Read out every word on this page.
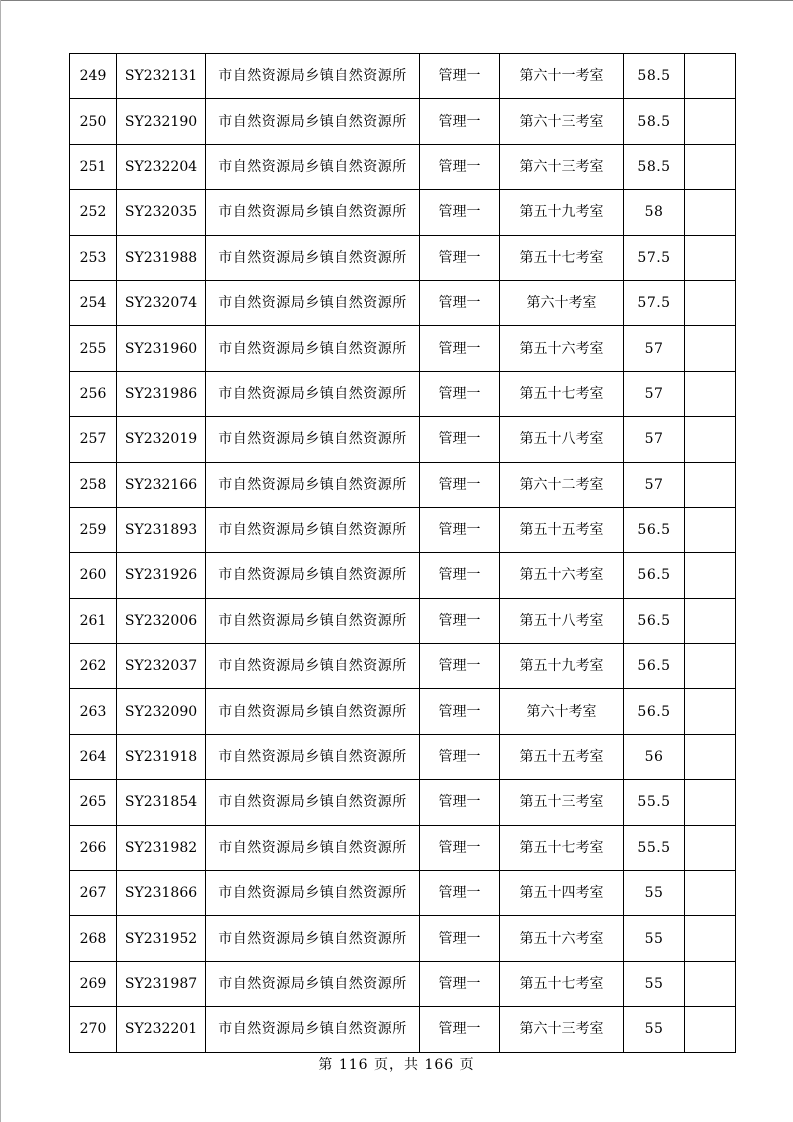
249	SY232131	市自然资源局乡镇自然资源所	管理一	第六十一考室	58.5	
250	SY232190	市自然资源局乡镇自然资源所	管理一	第六十三考室	58.5	
251	SY232204	市自然资源局乡镇自然资源所	管理一	第六十三考室	58.5	
252	SY232035	市自然资源局乡镇自然资源所	管理一	第五十九考室	58	
253	SY231988	市自然资源局乡镇自然资源所	管理一	第五十七考室	57.5	
254	SY232074	市自然资源局乡镇自然资源所	管理一	第六十考室	57.5	
255	SY231960	市自然资源局乡镇自然资源所	管理一	第五十六考室	57	
256	SY231986	市自然资源局乡镇自然资源所	管理一	第五十七考室	57	
257	SY232019	市自然资源局乡镇自然资源所	管理一	第五十八考室	57	
258	SY232166	市自然资源局乡镇自然资源所	管理一	第六十二考室	57	
259	SY231893	市自然资源局乡镇自然资源所	管理一	第五十五考室	56.5	
260	SY231926	市自然资源局乡镇自然资源所	管理一	第五十六考室	56.5	
261	SY232006	市自然资源局乡镇自然资源所	管理一	第五十八考室	56.5	
262	SY232037	市自然资源局乡镇自然资源所	管理一	第五十九考室	56.5	
263	SY232090	市自然资源局乡镇自然资源所	管理一	第六十考室	56.5	
264	SY231918	市自然资源局乡镇自然资源所	管理一	第五十五考室	56	
265	SY231854	市自然资源局乡镇自然资源所	管理一	第五十三考室	55.5	
266	SY231982	市自然资源局乡镇自然资源所	管理一	第五十七考室	55.5	
267	SY231866	市自然资源局乡镇自然资源所	管理一	第五十四考室	55	
268	SY231952	市自然资源局乡镇自然资源所	管理一	第五十六考室	55	
269	SY231987	市自然资源局乡镇自然资源所	管理一	第五十七考室	55	
270	SY232201	市自然资源局乡镇自然资源所	管理一	第六十三考室	55	
第 116 页，共 166 页
